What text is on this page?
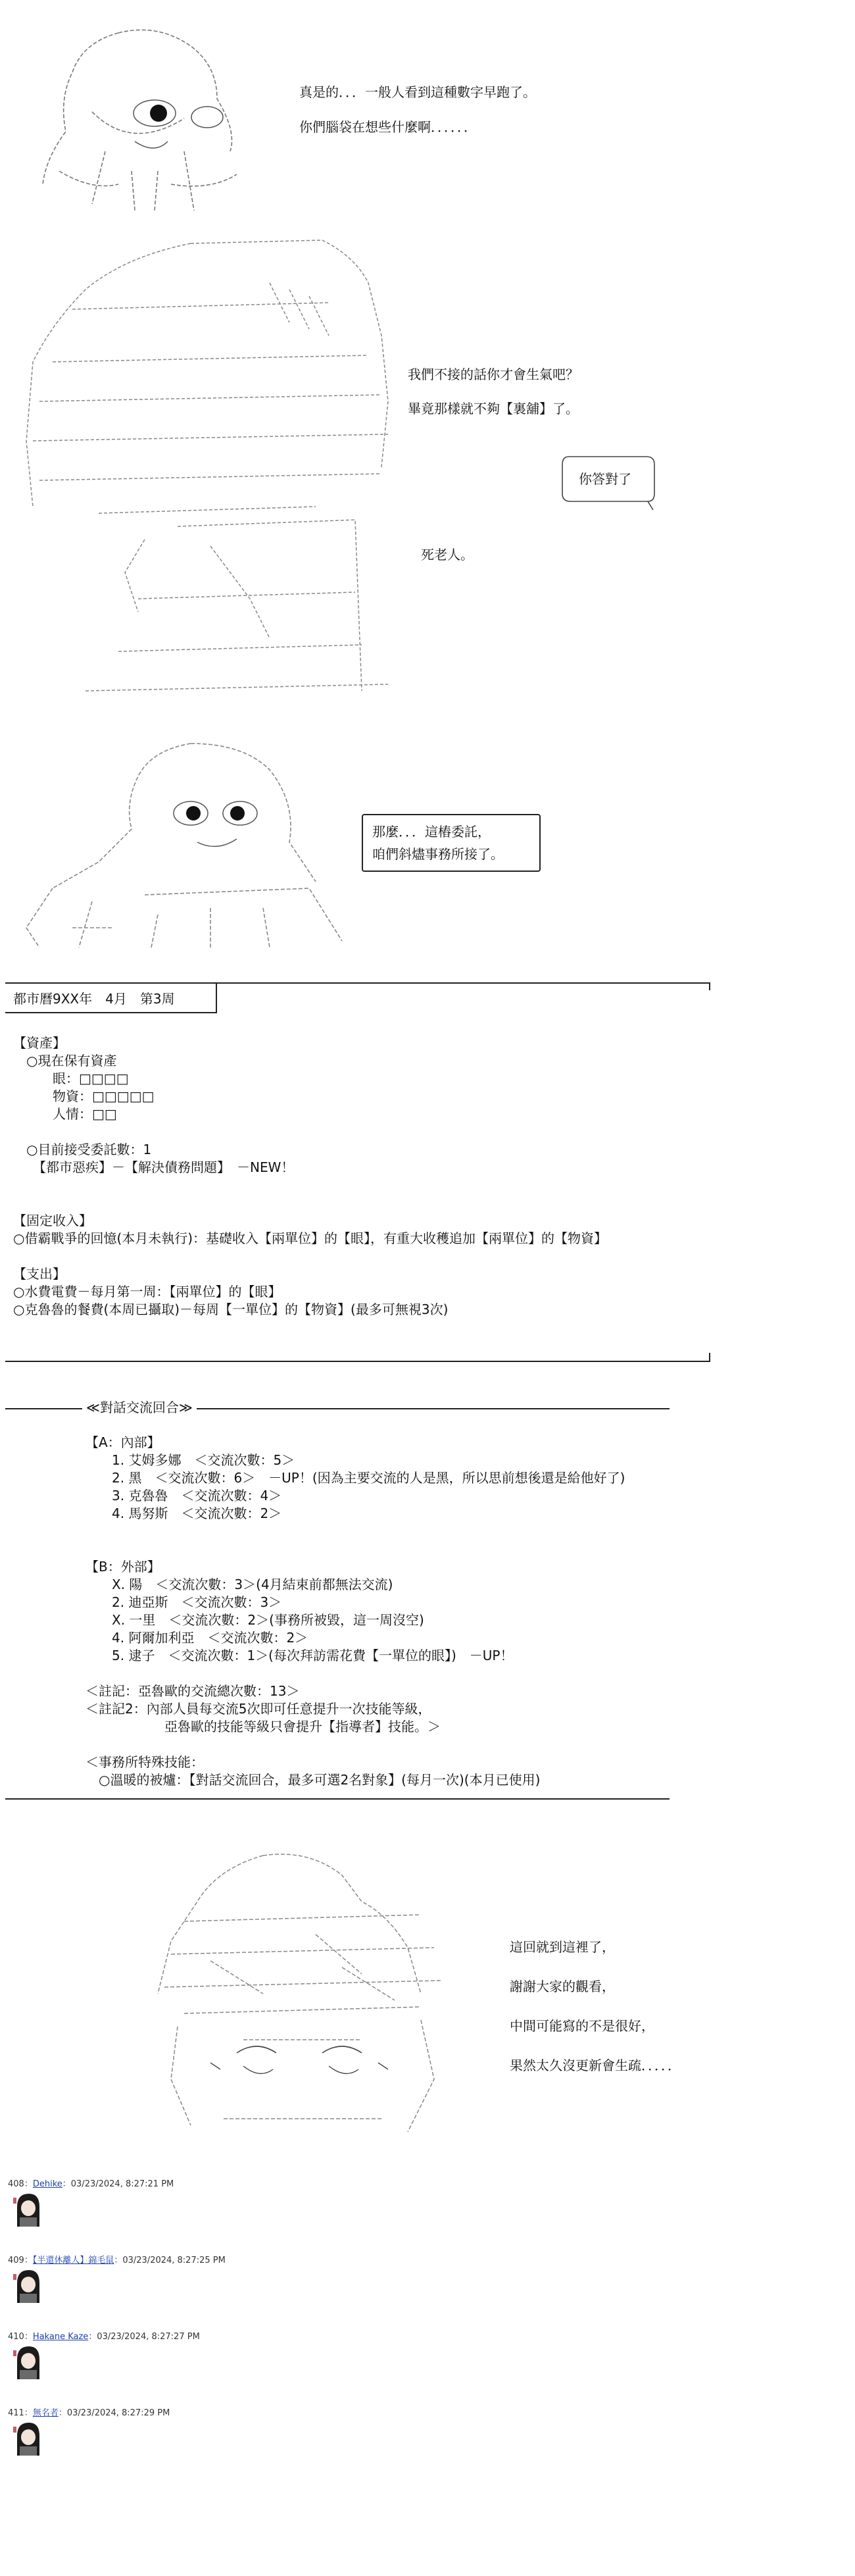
真是的．．．一般人看到這種數字早跑了。
你們腦袋在想些什麼啊．．．．．．
我們不接的話你才會生氣吧？
畢竟那樣就不夠【裏舖】了。
你答對了
死老人。
那麼．．．這樁委託，
咱們斜燼事務所接了。
都市曆9XX年　4月　第3周
【資產】
　○現在保有資產
　　　眼：□□□□
　　　物資：□□□□□
　　　人情：□□
　○目前接受委託數：1
　　【都市惡疾】－【解決債務問題】　－NEW！
【固定收入】
○借霸戰爭的回憶(本月未執行)：基礎收入【兩單位】的【眼】，有重大收穫追加【兩單位】的【物資】
【支出】
○水費電費－每月第一周：【兩單位】的【眼】
○克魯魯的餐費(本周已攝取)－每周【一單位】的【物資】(最多可無視3次)
≪對話交流回合≫
【A：內部】
　　1. 艾姆多娜　＜交流次數：5＞
　　2. 黑　＜交流次數：6＞　－UP！(因為主要交流的人是黑，所以思前想後還是給他好了)
　　3. 克魯魯　＜交流次數：4＞
　　4. 馬努斯　＜交流次數：2＞
【B：外部】
　　X. 陽　＜交流次數：3＞(4月結束前都無法交流)
　　2. 迪亞斯　＜交流次數：3＞
　　X. 一里　＜交流次數：2＞(事務所被毀，這一周沒空)
　　4. 阿爾加利亞　＜交流次數：2＞
　　5. 逮子　＜交流次數：1＞(每次拜訪需花費【一單位的眼】)　－UP！
＜註記：亞魯歐的交流總次數：13＞
＜註記2：內部人員每交流5次即可任意提升一次技能等級，
　　　　　　亞魯歐的技能等級只會提升【指導者】技能。＞
＜事務所特殊技能：
　○溫暖的被爐：【對話交流回合，最多可選2名對象】(每月一次)(本月已使用)
這回就到這裡了，
謝謝大家的觀看，
中間可能寫的不是很好，
果然太久沒更新會生疏．．．．．
408：Dehike：03/23/2024, 8:27:21 PM
409：【半還休離人】錦毛鼠：03/23/2024, 8:27:25 PM
410：Hakane Kaze：03/23/2024, 8:27:27 PM
411：無名者：03/23/2024, 8:27:29 PM
